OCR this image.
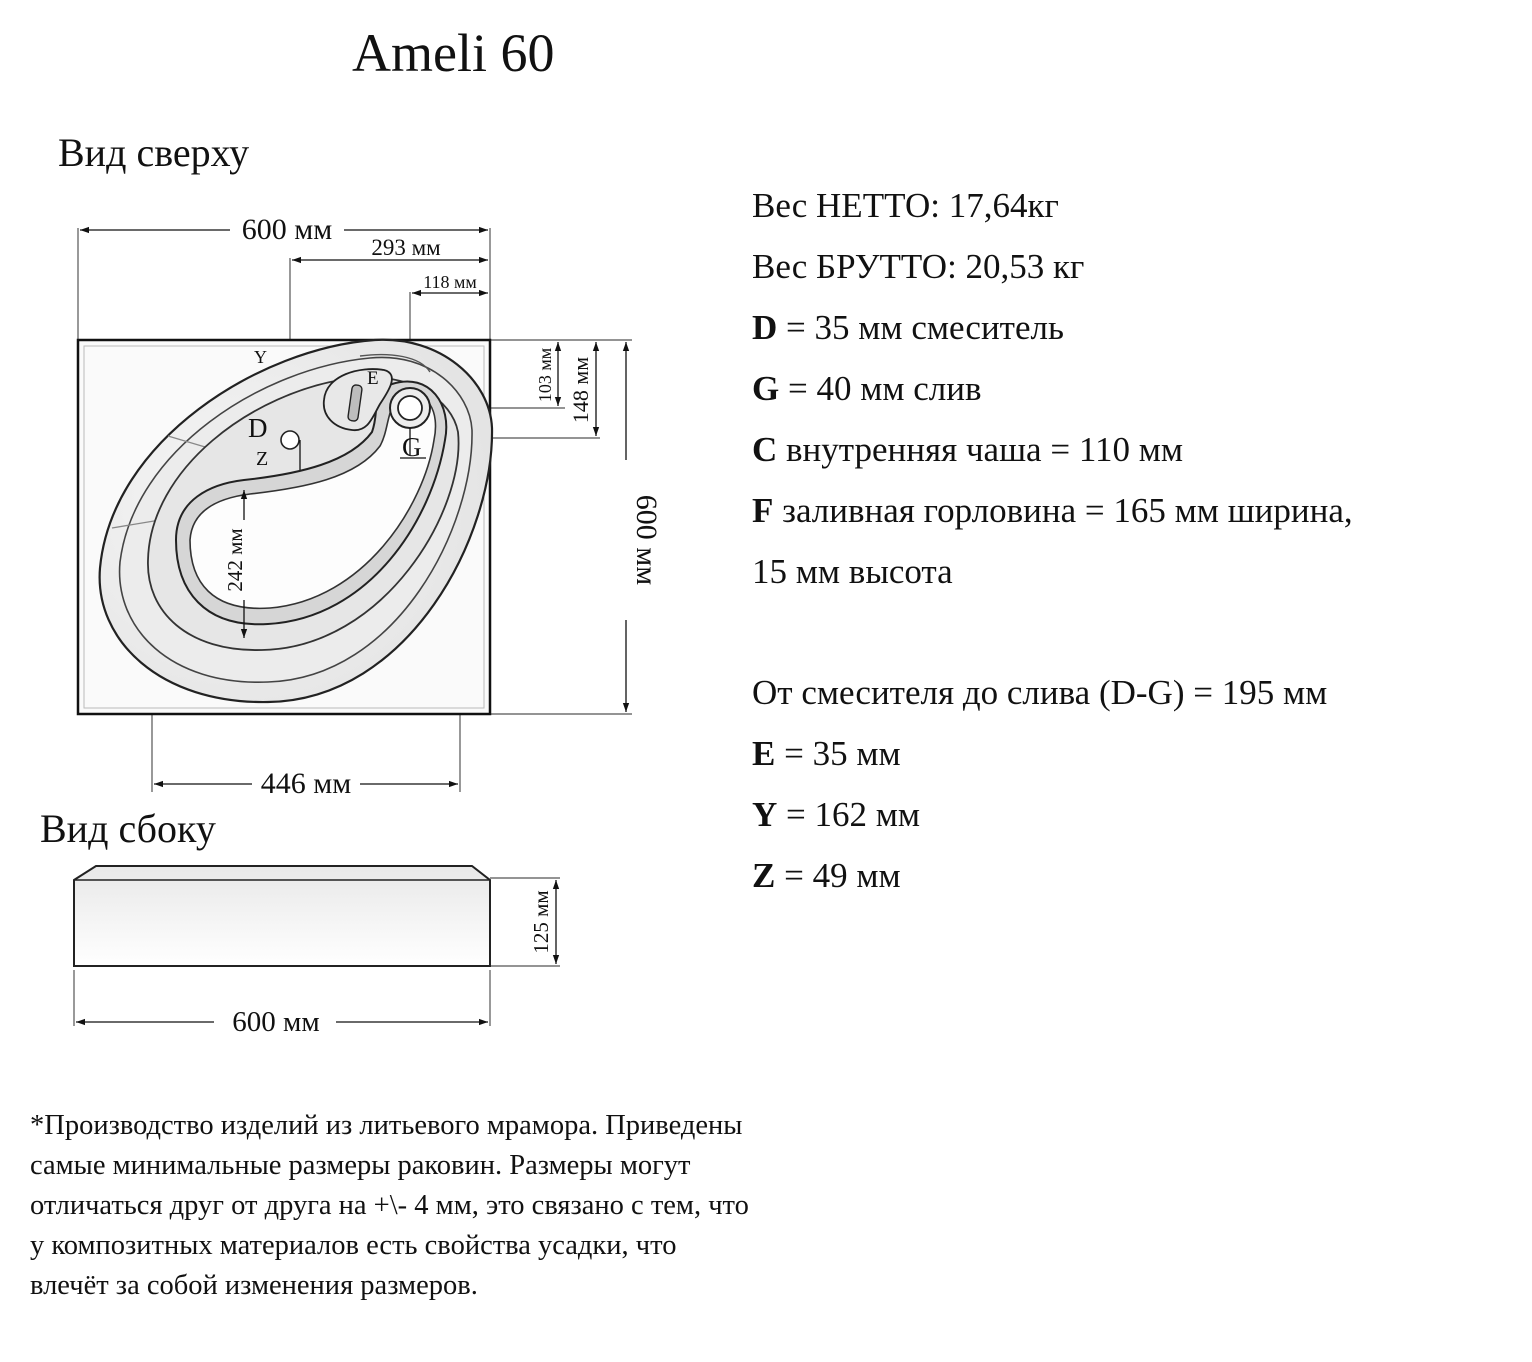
Ameli 60
Вид сверху
Вид сбоку
600 мм
293 мм
118 мм
103 мм 148 мм
600 мм
242 мм
446 мм
Y
E
D
Z	G
125 мм
600 мм
Вес НЕТТО: 17,64кг
Вес БРУТТО: 20,53 кг
D = 35 мм смеситель
G = 40 мм слив
C внутренняя чаша = 110 мм
F заливная горловина = 165 мм ширина,
15 мм высота
От смесителя до слива (D-G) = 195 мм
E = 35 мм
Y = 162 мм
Z = 49 мм
*Производство изделий из литьевого мрамора. Приведены
самые минимальные размеры раковин. Размеры могут
отличаться друг от друга на +\- 4 мм, это связано с тем, что
у композитных материалов есть свойства усадки, что
влечёт за собой изменения размеров.
